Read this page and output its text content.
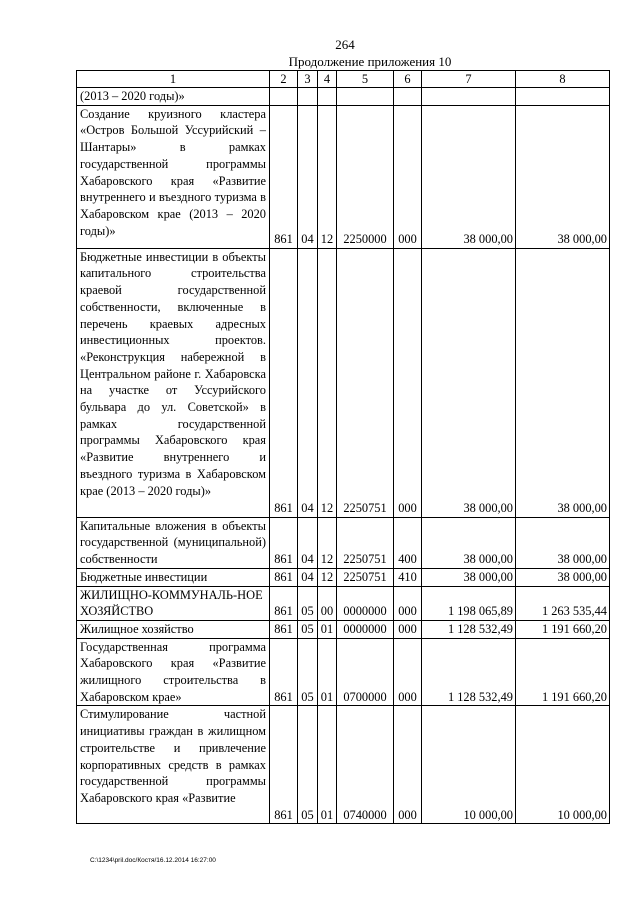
264
Продолжение приложения 10
1	2	3	4	5	6	7	8
(2013 – 2020 годы)»							
Создание круизного кластера «Остров Большой Уссурийский – Шантары» в рамках государственной программы Хабаровского края «Развитие внутреннего и въездного туризма в Хабаровском крае (2013 – 2020 годы)»	861	04	12	2250000	000	38 000,00	38 000,00
Бюджетные инвестиции в объекты капитального строительства краевой государственной собственности, включенные в перечень краевых адресных инвестиционных проектов. «Реконструкция набережной в Центральном районе г. Хабаровска на участке от Уссурийского бульвара до ул. Советской» в рамках государственной программы Хабаровского края «Развитие внутреннего и въездного туризма в Хабаровском крае (2013 – 2020 годы)»	861	04	12	2250751	000	38 000,00	38 000,00
Капитальные вложения в объекты государственной (муниципальной) собственности	861	04	12	2250751	400	38 000,00	38 000,00
Бюджетные инвестиции	861	04	12	2250751	410	38 000,00	38 000,00
ЖИЛИЩНО-КОММУНАЛЬ-НОЕ ХОЗЯЙСТВО	861	05	00	0000000	000	1 198 065,89	1 263 535,44
Жилищное хозяйство	861	05	01	0000000	000	1 128 532,49	1 191 660,20
Государственная программа Хабаровского края «Развитие жилищного строительства в Хабаровском крае»	861	05	01	0700000	000	1 128 532,49	1 191 660,20
Стимулирование частной инициативы граждан в жилищном строительстве и привлечение корпоративных средств в рамках государственной программы Хабаровского края «Развитие	861	05	01	0740000	000	10 000,00	10 000,00
C:\1234\pril.doc/Костя/16.12.2014 16:27:00
